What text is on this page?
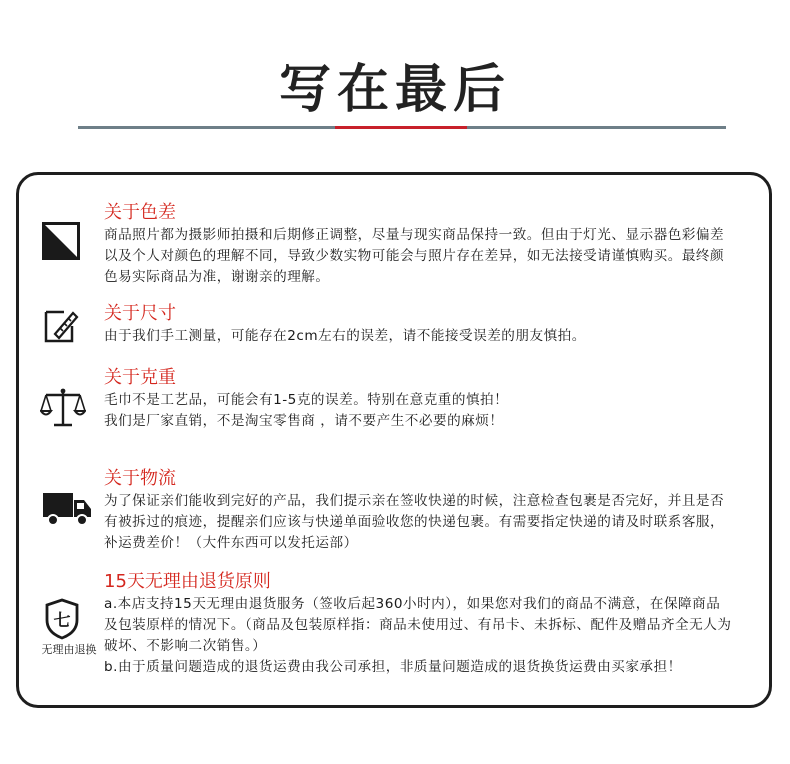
写在最后
关于色差

商品照片都为摄影师拍摄和后期修正调整，尽量与现实商品保持一致。但由于灯光、显示器色彩偏差以及个人对颜色的理解不同，导致少数实物可能会与照片存在差异，如无法接受请谨慎购买。最终颜色易实际商品为准，谢谢亲的理解。

关于尺寸

由于我们手工测量，可能存在2cm左右的误差，请不能接受误差的朋友慎拍。

关于克重

毛巾不是工艺品，可能会有1-5克的误差。特别在意克重的慎拍！

我们是厂家直销，不是淘宝零售商 ，请不要产生不必要的麻烦！

关于物流

为了保证亲们能收到完好的产品，我们提示亲在签收快递的时候，注意检查包裹是否完好，并且是否有被拆过的痕迹，提醒亲们应该与快递单面验收您的快递包裹。有需要指定快递的请及时联系客服，补运费差价！（大件东西可以发托运部）

七
无理由退换
15天无理由退货原则

a.本店支持15天无理由退货服务（签收后起360小时内），如果您对我们的商品不满意，在保障商品及包装原样的情况下。（商品及包装原样指：商品未使用过、有吊卡、未拆标、配件及赠品齐全无人为破坏、不影响二次销售。）

b.由于质量问题造成的退货运费由我公司承担，非质量问题造成的退货换货运费由买家承担！
